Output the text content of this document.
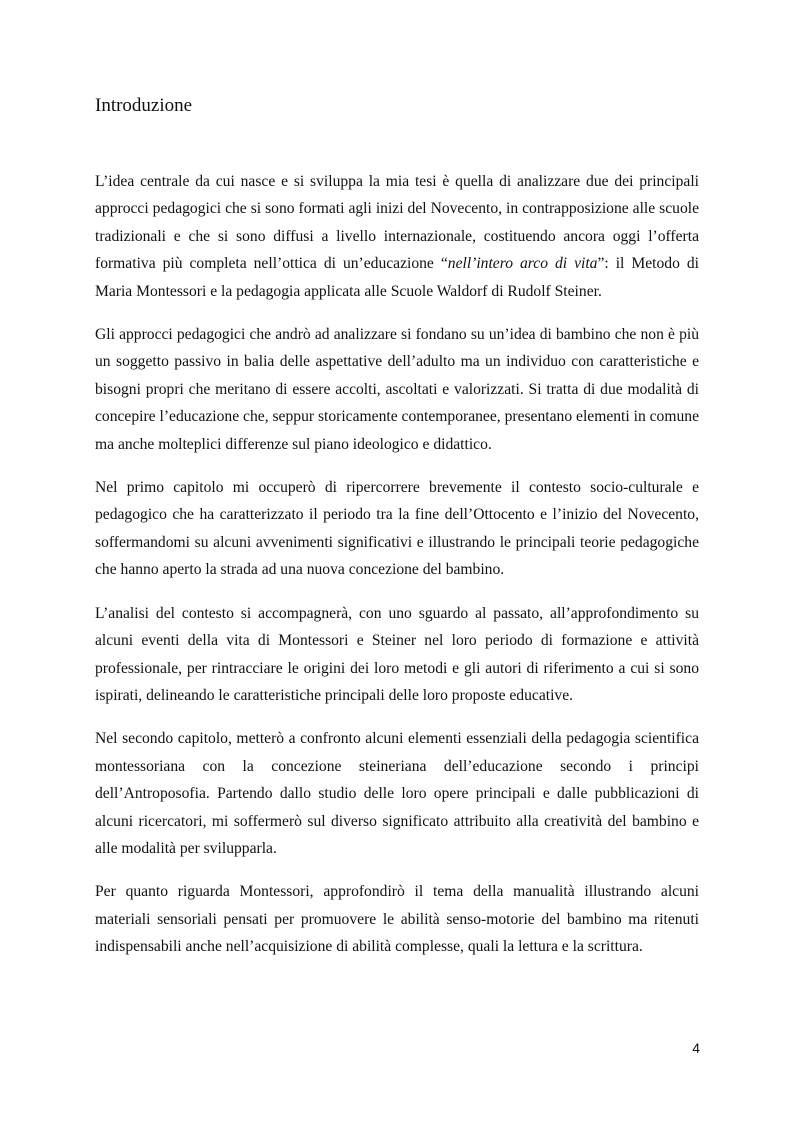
Introduzione

L’idea centrale da cui nasce e si sviluppa la mia tesi è quella di analizzare due dei principali approcci pedagogici che si sono formati agli inizi del Novecento, in contrapposizione alle scuole tradizionali e che si sono diffusi a livello internazionale, costituendo ancora oggi l’offerta formativa più completa nell’ottica di un’educazione “nell’intero arco di vita”: il Metodo di Maria Montessori e la pedagogia applicata alle Scuole Waldorf di Rudolf Steiner.

Gli approcci pedagogici che andrò ad analizzare si fondano su un’idea di bambino che non è più un soggetto passivo in balia delle aspettative dell’adulto ma un individuo con caratteristiche e bisogni propri che meritano di essere accolti, ascoltati e valorizzati. Si tratta di due modalità di concepire l’educazione che, seppur storicamente contemporanee, presentano elementi in comune ma anche molteplici differenze sul piano ideologico e didattico.

Nel primo capitolo mi occuperò di ripercorrere brevemente il contesto socio-culturale e pedagogico che ha caratterizzato il periodo tra la fine dell’Ottocento e l’inizio del Novecento, soffermandomi su alcuni avvenimenti significativi e illustrando le principali teorie pedagogiche che hanno aperto la strada ad una nuova concezione del bambino.

L’analisi del contesto si accompagnerà, con uno sguardo al passato, all’approfondimento su alcuni eventi della vita di Montessori e Steiner nel loro periodo di formazione e attività professionale, per rintracciare le origini dei loro metodi e gli autori di riferimento a cui si sono ispirati, delineando le caratteristiche principali delle loro proposte educative.

Nel secondo capitolo, metterò a confronto alcuni elementi essenziali della pedagogia scientifica montessoriana con la concezione steineriana dell’educazione secondo i principi dell’Antroposofia. Partendo dallo studio delle loro opere principali e dalle pubblicazioni di alcuni ricercatori, mi soffermerò sul diverso significato attribuito alla creatività del bambino e alle modalità per svilupparla.

Per quanto riguarda Montessori, approfondirò il tema della manualità illustrando alcuni materiali sensoriali pensati per promuovere le abilità senso-motorie del bambino ma ritenuti indispensabili anche nell’acquisizione di abilità complesse, quali la lettura e la scrittura.

4
